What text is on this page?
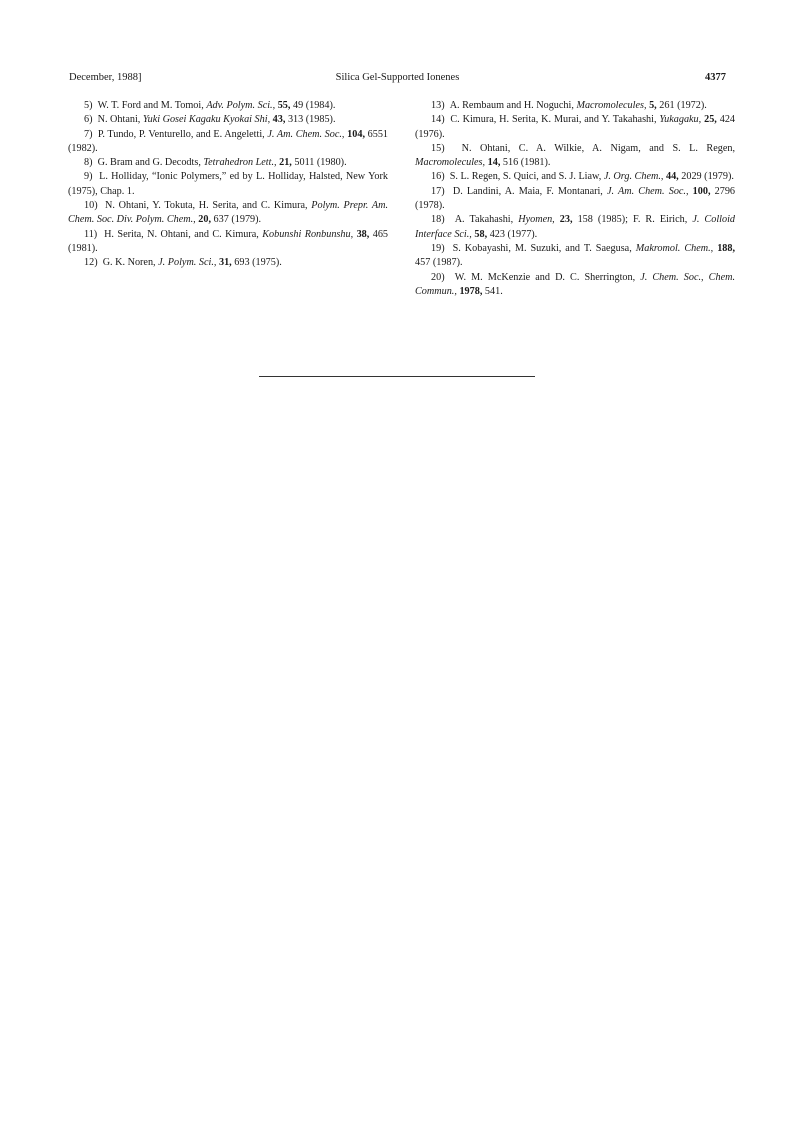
December, 1988]	Silica Gel-Supported Ionenes	4377

5) W. T. Ford and M. Tomoi, Adv. Polym. Sci., 55, 49 (1984).

6) N. Ohtani, Yuki Gosei Kagaku Kyokai Shi, 43, 313 (1985).

7) P. Tundo, P. Venturello, and E. Angeletti, J. Am. Chem. Soc., 104, 6551 (1982).

8) G. Bram and G. Decodts, Tetrahedron Lett., 21, 5011 (1980).

9) L. Holliday, “Ionic Polymers,” ed by L. Holliday, Halsted, New York (1975), Chap. 1.

10) N. Ohtani, Y. Tokuta, H. Serita, and C. Kimura, Polym. Prepr. Am. Chem. Soc. Div. Polym. Chem., 20, 637 (1979).

11) H. Serita, N. Ohtani, and C. Kimura, Kobunshi Ronbunshu, 38, 465 (1981).

12) G. K. Noren, J. Polym. Sci., 31, 693 (1975).

13) A. Rembaum and H. Noguchi, Macromolecules, 5, 261 (1972).

14) C. Kimura, H. Serita, K. Murai, and Y. Takahashi, Yukagaku, 25, 424 (1976).

15) N. Ohtani, C. A. Wilkie, A. Nigam, and S. L. Regen, Macromolecules, 14, 516 (1981).

16) S. L. Regen, S. Quici, and S. J. Liaw, J. Org. Chem., 44, 2029 (1979).

17) D. Landini, A. Maia, F. Montanari, J. Am. Chem. Soc., 100, 2796 (1978).

18) A. Takahashi, Hyomen, 23, 158 (1985); F. R. Eirich, J. Colloid Interface Sci., 58, 423 (1977).

19) S. Kobayashi, M. Suzuki, and T. Saegusa, Makromol. Chem., 188, 457 (1987).

20) W. M. McKenzie and D. C. Sherrington, J. Chem. Soc., Chem. Commun., 1978, 541.
